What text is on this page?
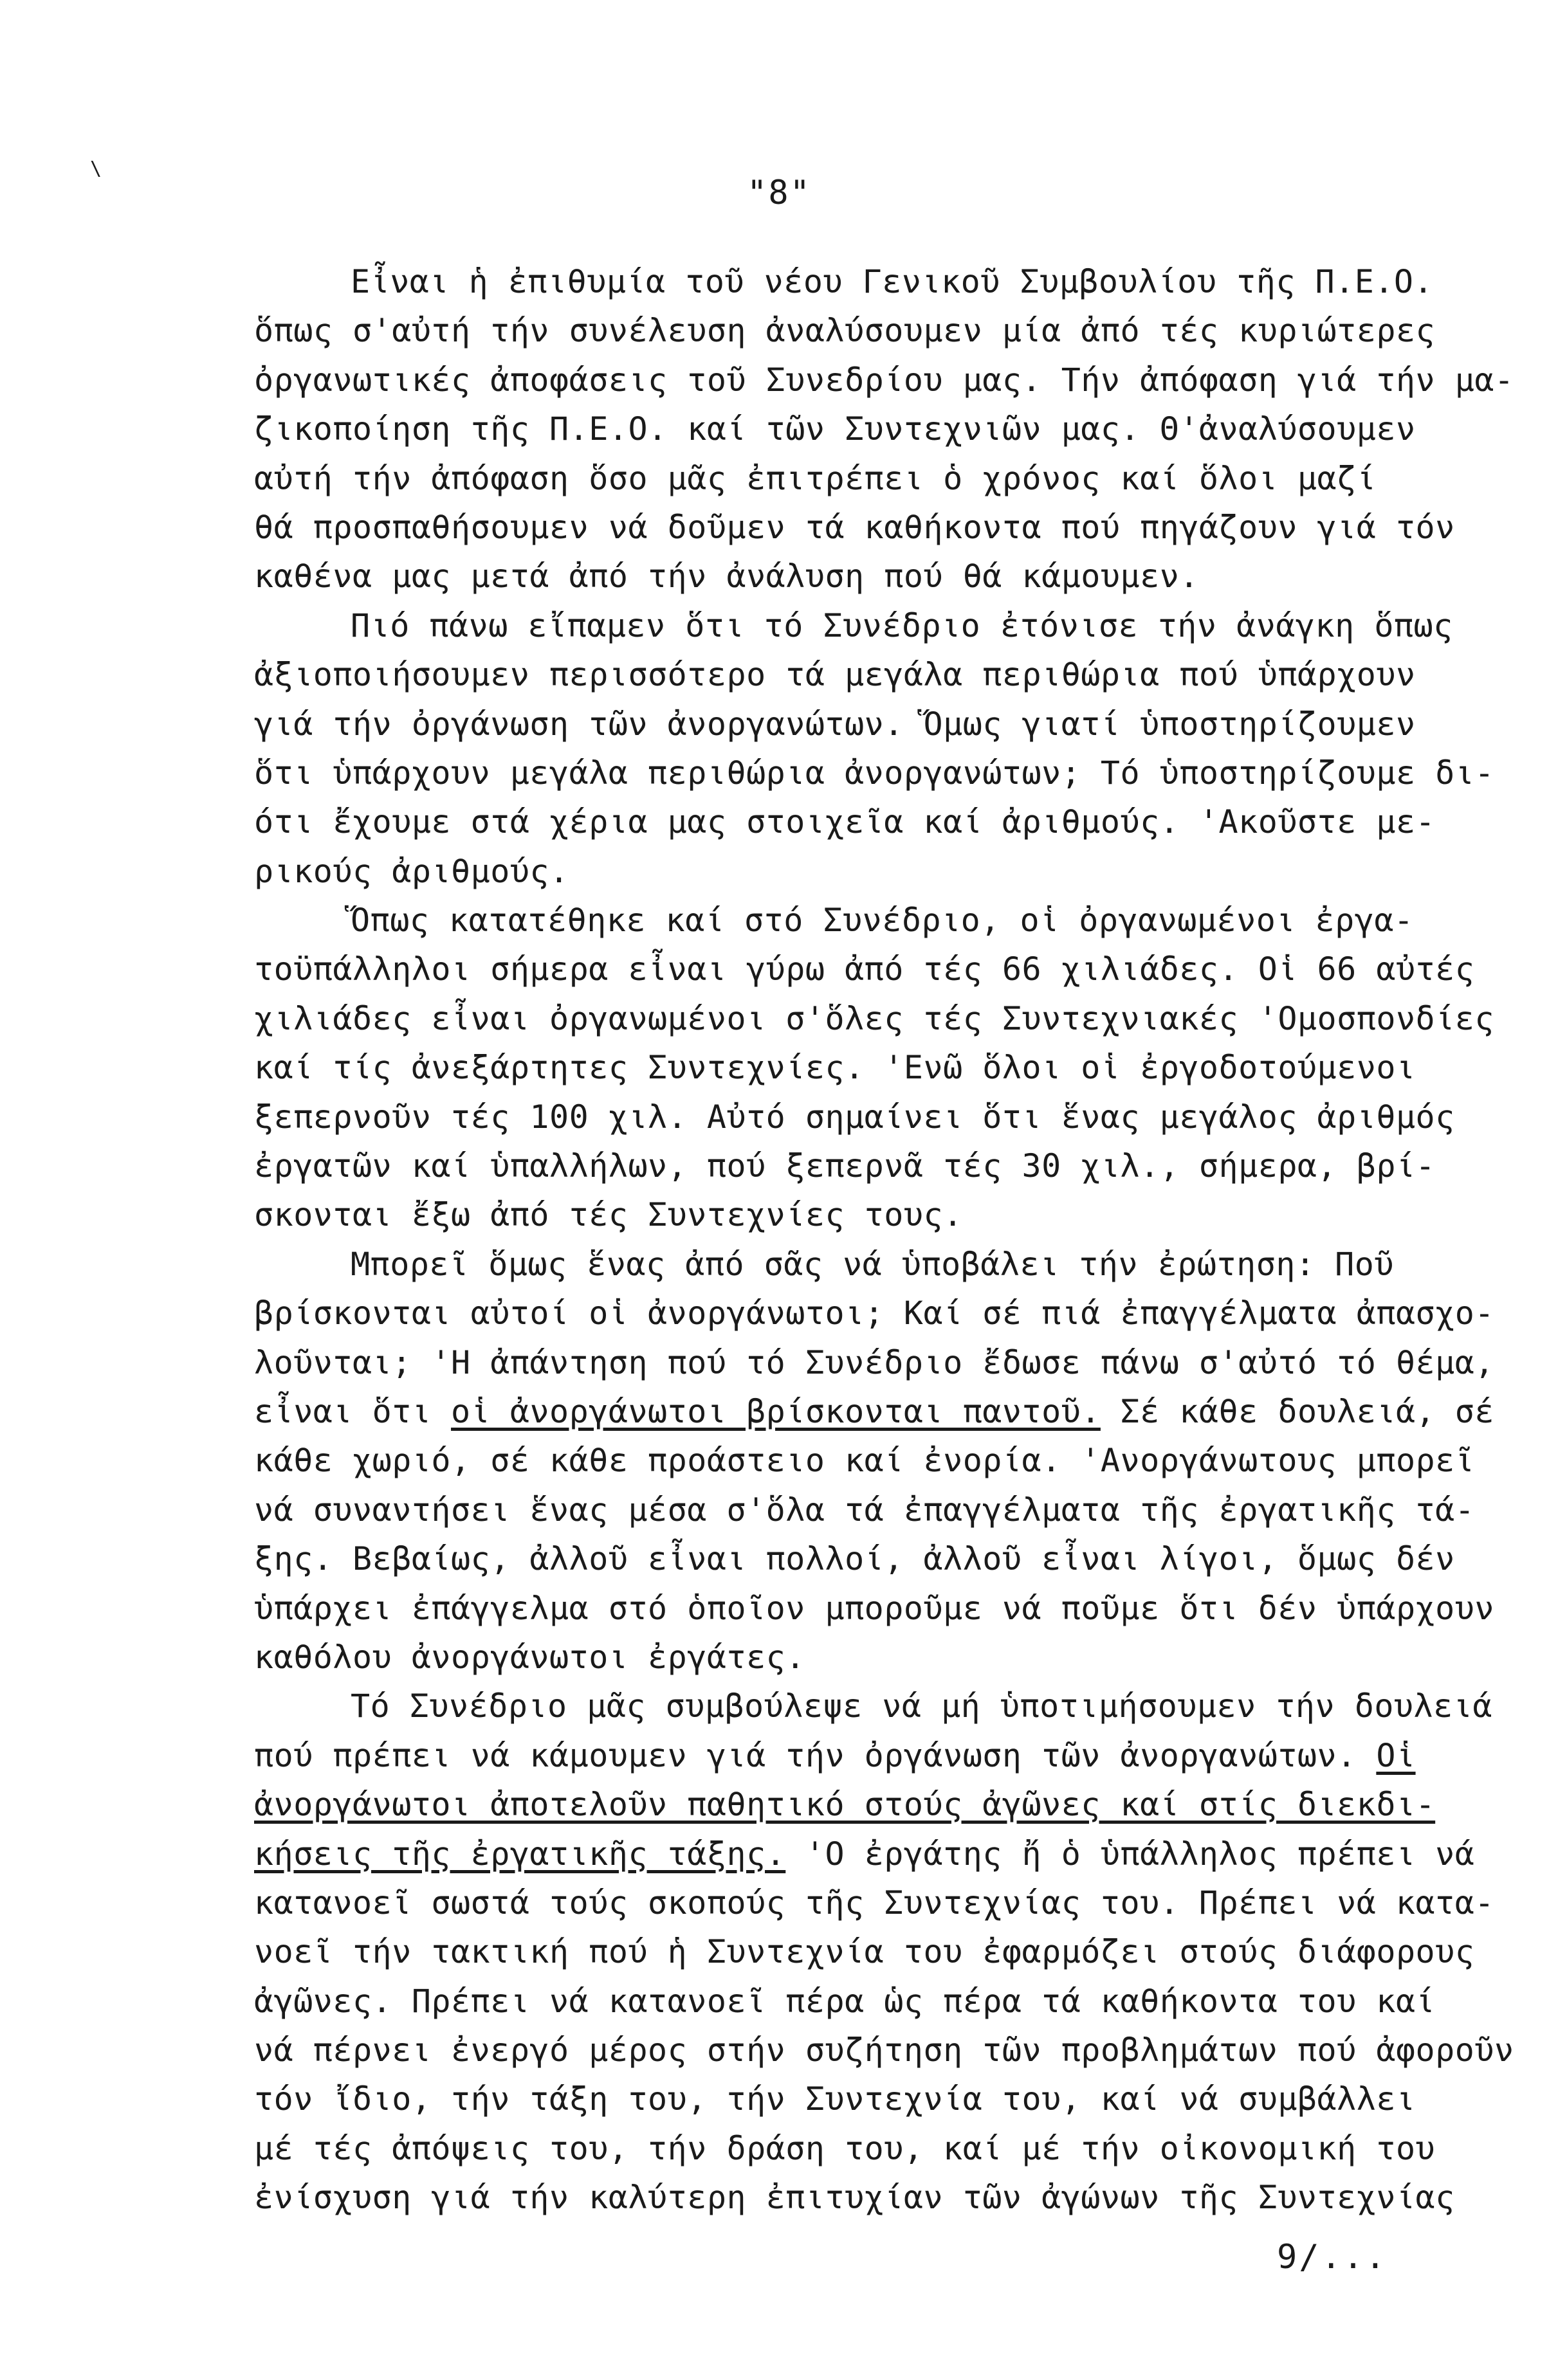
\
"8"
Εἶναι ἡ ἐπιθυμία τοῦ νέου Γενικοῦ Συμβουλίου τῆς Π.Ε.Ο.
ὅπως σ'αὐτή τήν συνέλευση ἀναλύσουμεν μία ἀπό τές κυριώτερες
ὀργανωτικές ἀποφάσεις τοῦ Συνεδρίου μας. Τήν ἀπόφαση γιά τήν μα-
ζικοποίηση τῆς Π.Ε.Ο. καί τῶν Συντεχνιῶν μας. Θ'ἀναλύσουμεν
αὐτή τήν ἀπόφαση ὅσο μᾶς ἐπιτρέπει ὁ χρόνος καί ὅλοι μαζί
θά προσπαθήσουμεν νά δοῦμεν τά καθήκοντα πού πηγάζουν γιά τόν
καθένα μας μετά ἀπό τήν ἀνάλυση πού θά κάμουμεν.
Πιό πάνω εἴπαμεν ὅτι τό Συνέδριο ἐτόνισε τήν ἀνάγκη ὅπως
ἀξιοποιήσουμεν περισσότερο τά μεγάλα περιθώρια πού ὑπάρχουν
γιά τήν ὀργάνωση τῶν ἀνοργανώτων. Ὅμως γιατί ὑποστηρίζουμεν
ὅτι ὑπάρχουν μεγάλα περιθώρια ἀνοργανώτων; Τό ὑποστηρίζουμε δι-
ότι ἔχουμε στά χέρια μας στοιχεῖα καί ἀριθμούς. 'Ακοῦστε με-
ρικούς ἀριθμούς.
Ὅπως κατατέθηκε καί στό Συνέδριο, οἱ ὀργανωμένοι ἐργα-
τοϋπάλληλοι σήμερα εἶναι γύρω ἀπό τές 66 χιλιάδες. Οἱ 66 αὐτές
χιλιάδες εἶναι ὀργανωμένοι σ'ὅλες τές Συντεχνιακές 'Ομοσπονδίες
καί τίς ἀνεξάρτητες Συντεχνίες. 'Ενῶ ὅλοι οἱ ἐργοδοτούμενοι
ξεπερνοῦν τές 100 χιλ. Αὐτό σημαίνει ὅτι ἕνας μεγάλος ἀριθμός
ἐργατῶν καί ὑπαλλήλων, πού ξεπερνᾶ τές 30 χιλ., σήμερα, βρί-
σκονται ἔξω ἀπό τές Συντεχνίες τους.
Μπορεῖ ὅμως ἕνας ἀπό σᾶς νά ὑποβάλει τήν ἐρώτηση: Ποῦ
βρίσκονται αὐτοί οἱ ἀνοργάνωτοι; Καί σέ πιά ἐπαγγέλματα ἀπασχο-
λοῦνται; 'Η ἀπάντηση πού τό Συνέδριο ἔδωσε πάνω σ'αὐτό τό θέμα,
εἶναι ὅτι οἱ ἀνοργάνωτοι βρίσκονται παντοῦ. Σέ κάθε δουλειά, σέ
κάθε χωριό, σέ κάθε προάστειο καί ἐνορία. 'Ανοργάνωτους μπορεῖ
νά συναντήσει ἕνας μέσα σ'ὅλα τά ἐπαγγέλματα τῆς ἐργατικῆς τά-
ξης. Βεβαίως, ἀλλοῦ εἶναι πολλοί, ἀλλοῦ εἶναι λίγοι, ὅμως δέν
ὑπάρχει ἐπάγγελμα στό ὁποῖον μποροῦμε νά ποῦμε ὅτι δέν ὑπάρχουν
καθόλου ἀνοργάνωτοι ἐργάτες.
Τό Συνέδριο μᾶς συμβούλεψε νά μή ὑποτιμήσουμεν τήν δουλειά
πού πρέπει νά κάμουμεν γιά τήν ὀργάνωση τῶν ἀνοργανώτων. Οἱ
ἀνοργάνωτοι ἀποτελοῦν παθητικό στούς ἀγῶνες καί στίς διεκδι-
κήσεις τῆς ἐργατικῆς τάξης. 'Ο ἐργάτης ἤ ὁ ὑπάλληλος πρέπει νά
κατανοεῖ σωστά τούς σκοπούς τῆς Συντεχνίας του. Πρέπει νά κατα-
νοεῖ τήν τακτική πού ἡ Συντεχνία του ἐφαρμόζει στούς διάφορους
ἀγῶνες. Πρέπει νά κατανοεῖ πέρα ὡς πέρα τά καθήκοντα του καί
νά πέρνει ἐνεργό μέρος στήν συζήτηση τῶν προβλημάτων πού ἀφοροῦν
τόν ἴδιο, τήν τάξη του, τήν Συντεχνία του, καί νά συμβάλλει
μέ τές ἀπόψεις του, τήν δράση του, καί μέ τήν οἰκονομική του
ἐνίσχυση γιά τήν καλύτερη ἐπιτυχίαν τῶν ἀγώνων τῆς Συντεχνίας
9/...
